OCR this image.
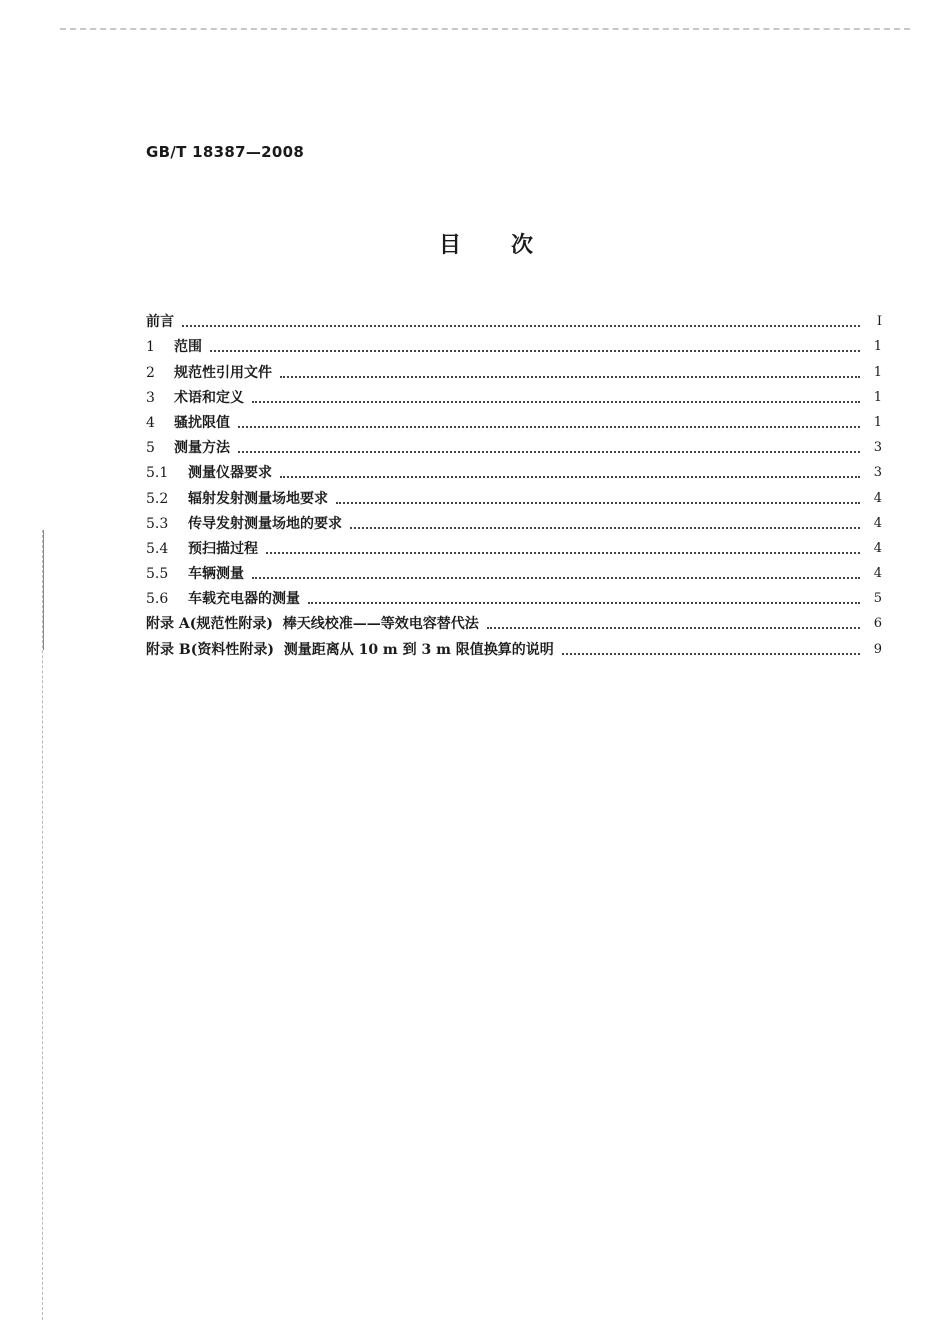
GB/T 18387—2008
目次
前言	I
1	范围	1
2	规范性引用文件	1
3	术语和定义	1
4	骚扰限值	1
5	测量方法	3
5.1	测量仪器要求	3
5.2	辐射发射测量场地要求	4
5.3	传导发射测量场地的要求	4
5.4	预扫描过程	4
5.5	车辆测量	4
5.6	车载充电器的测量	5
附录 A(规范性附录)  棒天线校准——等效电容替代法	6
附录 B(资料性附录)  测量距离从 10 m 到 3 m 限值换算的说明	9
